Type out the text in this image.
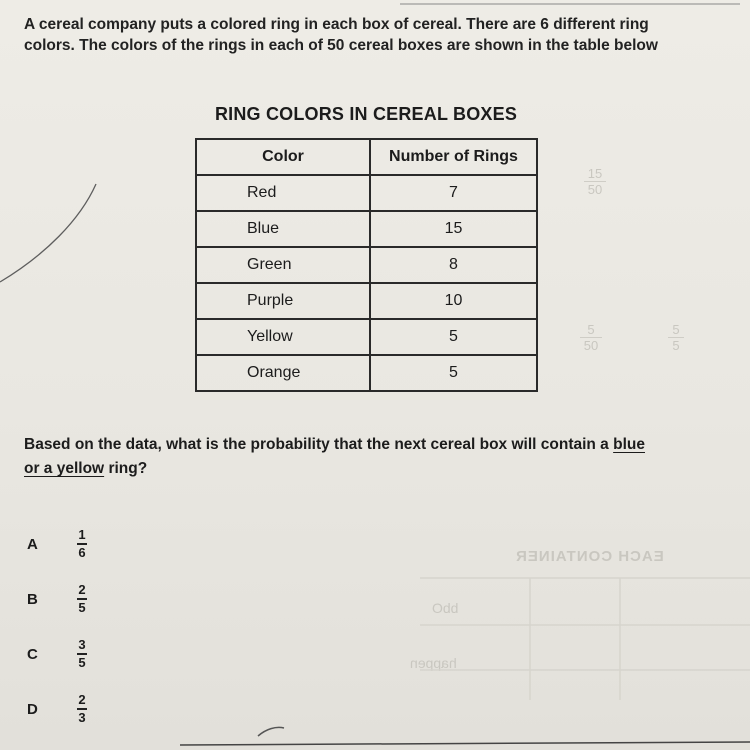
15
50
5
50
5
5
EACH CONTAINER
Odd
happen
A cereal company puts a colored ring in each box of cereal. There are 6 different ring
colors. The colors of the rings in each of 50 cereal boxes are shown in the table below
RING COLORS IN CEREAL BOXES
Color	Number of Rings
Red	7
Blue	15
Green	8
Purple	10
Yellow	5
Orange	5
Based on the data, what is the probability that the next cereal box will contain a blue
or a yellow ring?
A	$\frac{1}{6}$
B	$\frac{2}{5}$
C	$\frac{3}{5}$
D	$\frac{2}{3}$
